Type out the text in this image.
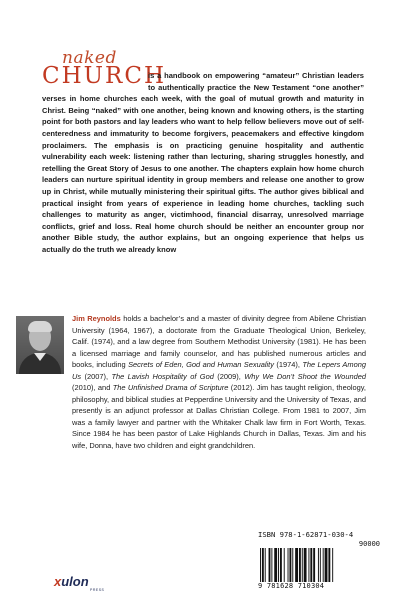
naked
CHURCH

is a handbook on empowering “amateur” Christian leaders to authentically practice the New Testament “one another” verses in home churches each week, with the goal of mutual growth and maturity in Christ. Being “naked” with one another, being known and knowing others, is the starting point for both pastors and lay leaders who want to help fellow believers move out of self-centeredness and immaturity to become forgivers, peacemakers and effective kingdom proclaimers. The emphasis is on practicing genuine hospitality and authentic vulnerability each week: listening rather than lecturing, sharing struggles honestly, and retelling the Great Story of Jesus to one another. The chapters explain how home church leaders can nurture spiritual identity in group members and release one another to grow up in Christ, while mutually ministering their spiritual gifts. The author gives biblical and practical insight from years of experience in leading home churches, tackling such challenges to maturity as anger, victimhood, financial disarray, unresolved marriage conflicts, grief and loss. Real home church should be neither an encounter group nor another Bible study, the author explains, but an ongoing experience that helps us actually do the truth we already know

Jim Reynolds holds a bachelor’s and a master of divinity degree from Abilene Christian University (1964, 1967), a doctorate from the Graduate Theological Union, Berkeley, Calif. (1974), and a law degree from Southern Methodist University (1981). He has been a licensed marriage and family counselor, and has published numerous articles and books, including Secrets of Eden, God and Human Sexuality (1974), The Lepers Among Us (2007), The Lavish Hospitality of God (2009), Why We Don’t Shoot the Wounded (2010), and The Unfinished Drama of Scripture (2012). Jim has taught religion, theology, philosophy, and biblical studies at Pepperdine University and the University of Texas, and presently is an adjunct professor at Dallas Christian College. From 1981 to 2007, Jim was a family lawyer and partner with the Whitaker Chalk law firm in Fort Worth, Texas. Since 1984 he has been pastor of Lake Highlands Church in Dallas, Texas. Jim and his wife, Donna, have two children and eight grandchildren.

ISBN 978-1-62871-030-4
90000
9 781628 710304
xulon
PRESS
